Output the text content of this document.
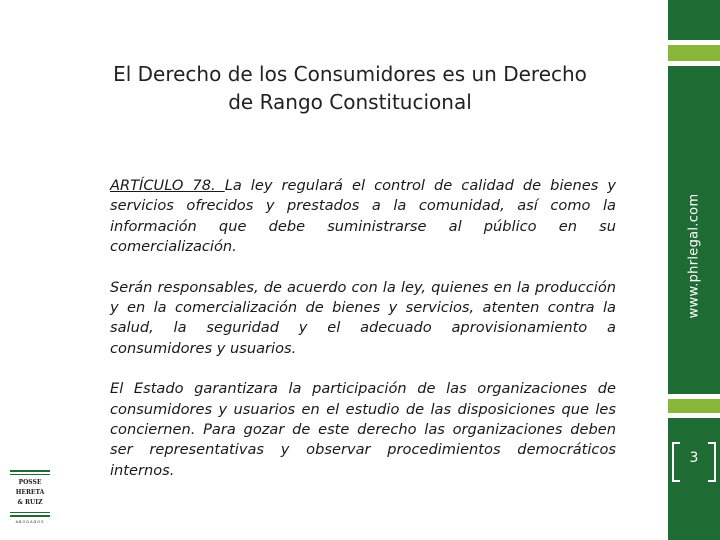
El Derecho de los Consumidores es un Derecho
de Rango Constitucional

ARTÍCULO 78. La ley regulará el control de calidad de bienes y servicios ofrecidos y prestados a la comunidad, así como la información que debe suministrarse al público en su comercialización.

Serán responsables, de acuerdo con la ley, quienes en la producción y en la comercialización de bienes y servicios, atenten contra la salud, la seguridad y el adecuado aprovisionamiento a consumidores y usuarios.

El Estado garantizara la participación de las organizaciones de consumidores y usuarios en el estudio de las disposiciones que les conciernen. Para gozar de este derecho las organizaciones deben ser representativas y observar procedimientos democráticos internos.

www.phrlegal.com
3
POSSE
HERETA
& RUIZ
ABOGADOS
